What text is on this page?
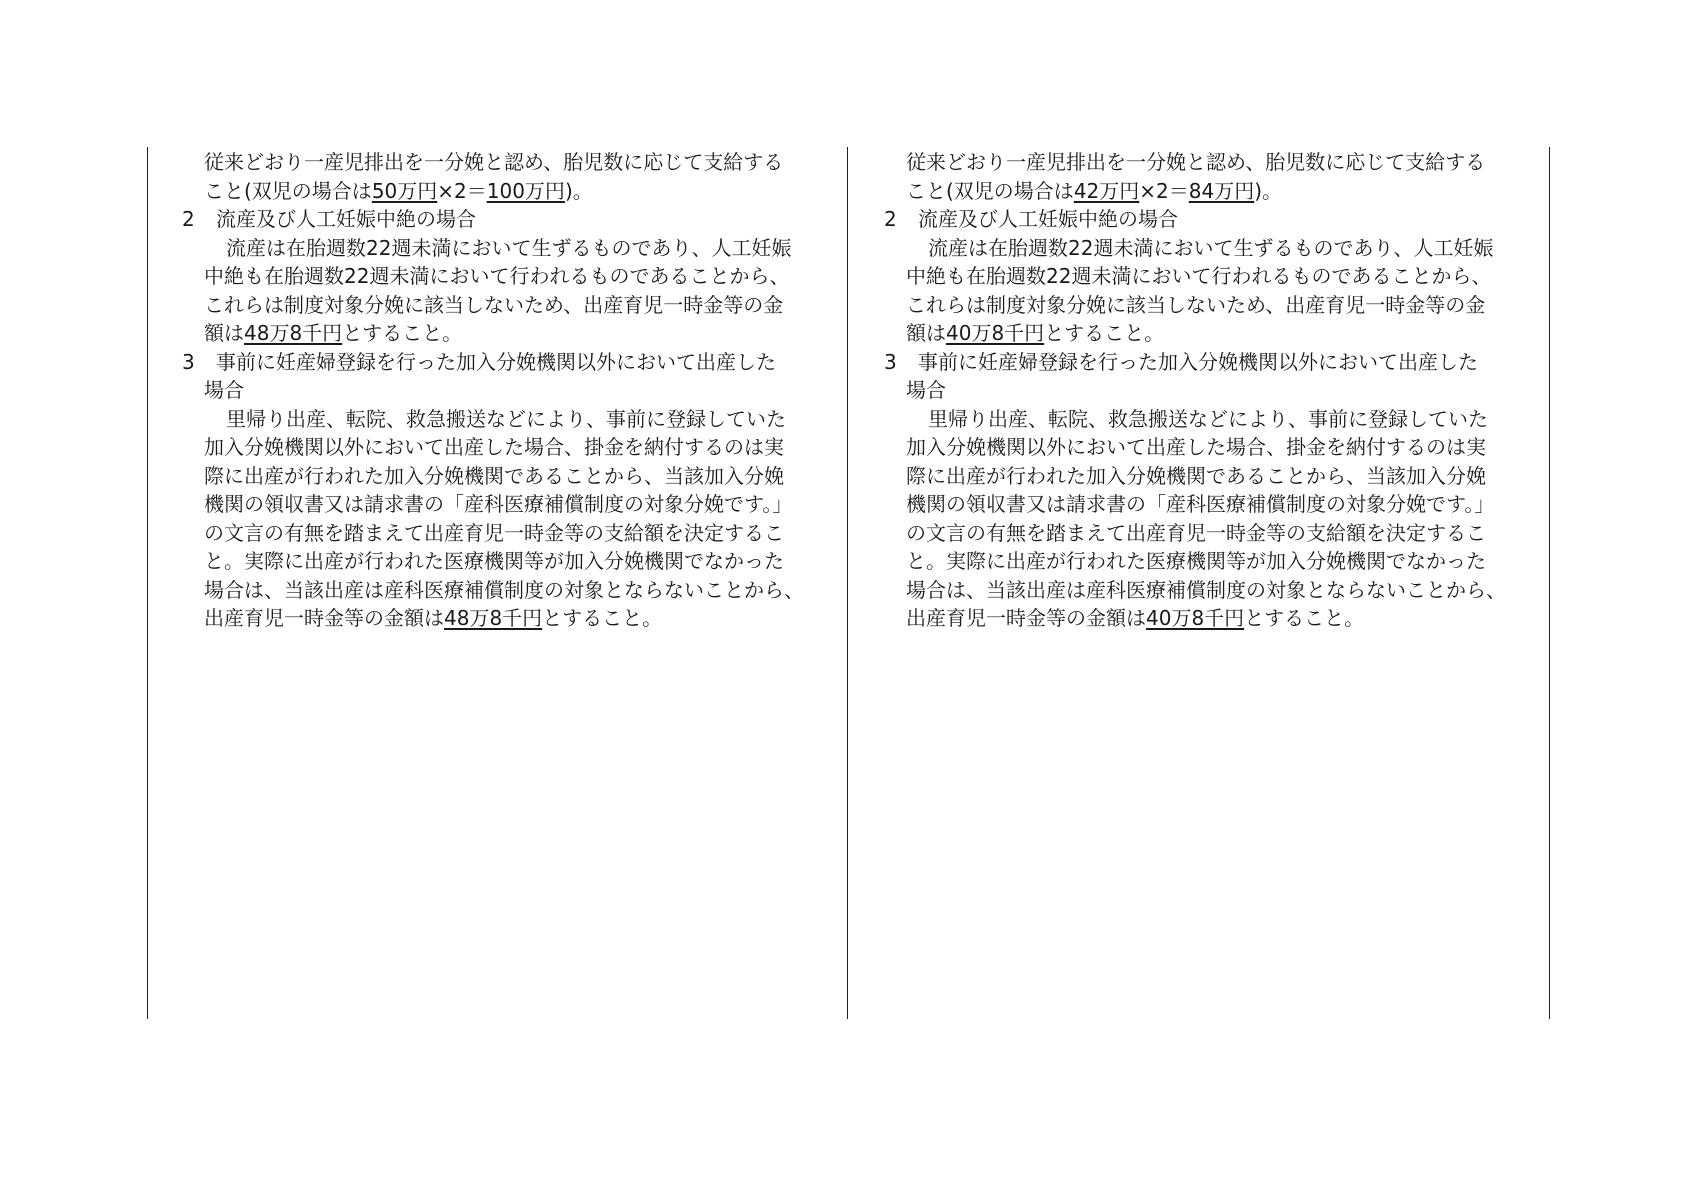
従来どおり一産児排出を一分娩と認め、胎児数に応じて支給する
こと(双児の場合は50万円×2＝100万円)。
2 流産及び人工妊娠中絶の場合
流産は在胎週数22週未満において生ずるものであり、人工妊娠
中絶も在胎週数22週未満において行われるものであることから、
これらは制度対象分娩に該当しないため、出産育児一時金等の金
額は48万8千円とすること。
3 事前に妊産婦登録を行った加入分娩機関以外において出産した
場合
里帰り出産、転院、救急搬送などにより、事前に登録していた
加入分娩機関以外において出産した場合、掛金を納付するのは実
際に出産が行われた加入分娩機関であることから、当該加入分娩
機関の領収書又は請求書の「産科医療補償制度の対象分娩です。」
の文言の有無を踏まえて出産育児一時金等の支給額を決定するこ
と。実際に出産が行われた医療機関等が加入分娩機関でなかった
場合は、当該出産は産科医療補償制度の対象とならないことから、
出産育児一時金等の金額は48万8千円とすること。
従来どおり一産児排出を一分娩と認め、胎児数に応じて支給する
こと(双児の場合は42万円×2＝84万円)。
2 流産及び人工妊娠中絶の場合
流産は在胎週数22週未満において生ずるものであり、人工妊娠
中絶も在胎週数22週未満において行われるものであることから、
これらは制度対象分娩に該当しないため、出産育児一時金等の金
額は40万8千円とすること。
3 事前に妊産婦登録を行った加入分娩機関以外において出産した
場合
里帰り出産、転院、救急搬送などにより、事前に登録していた
加入分娩機関以外において出産した場合、掛金を納付するのは実
際に出産が行われた加入分娩機関であることから、当該加入分娩
機関の領収書又は請求書の「産科医療補償制度の対象分娩です。」
の文言の有無を踏まえて出産育児一時金等の支給額を決定するこ
と。実際に出産が行われた医療機関等が加入分娩機関でなかった
場合は、当該出産は産科医療補償制度の対象とならないことから、
出産育児一時金等の金額は40万8千円とすること。
